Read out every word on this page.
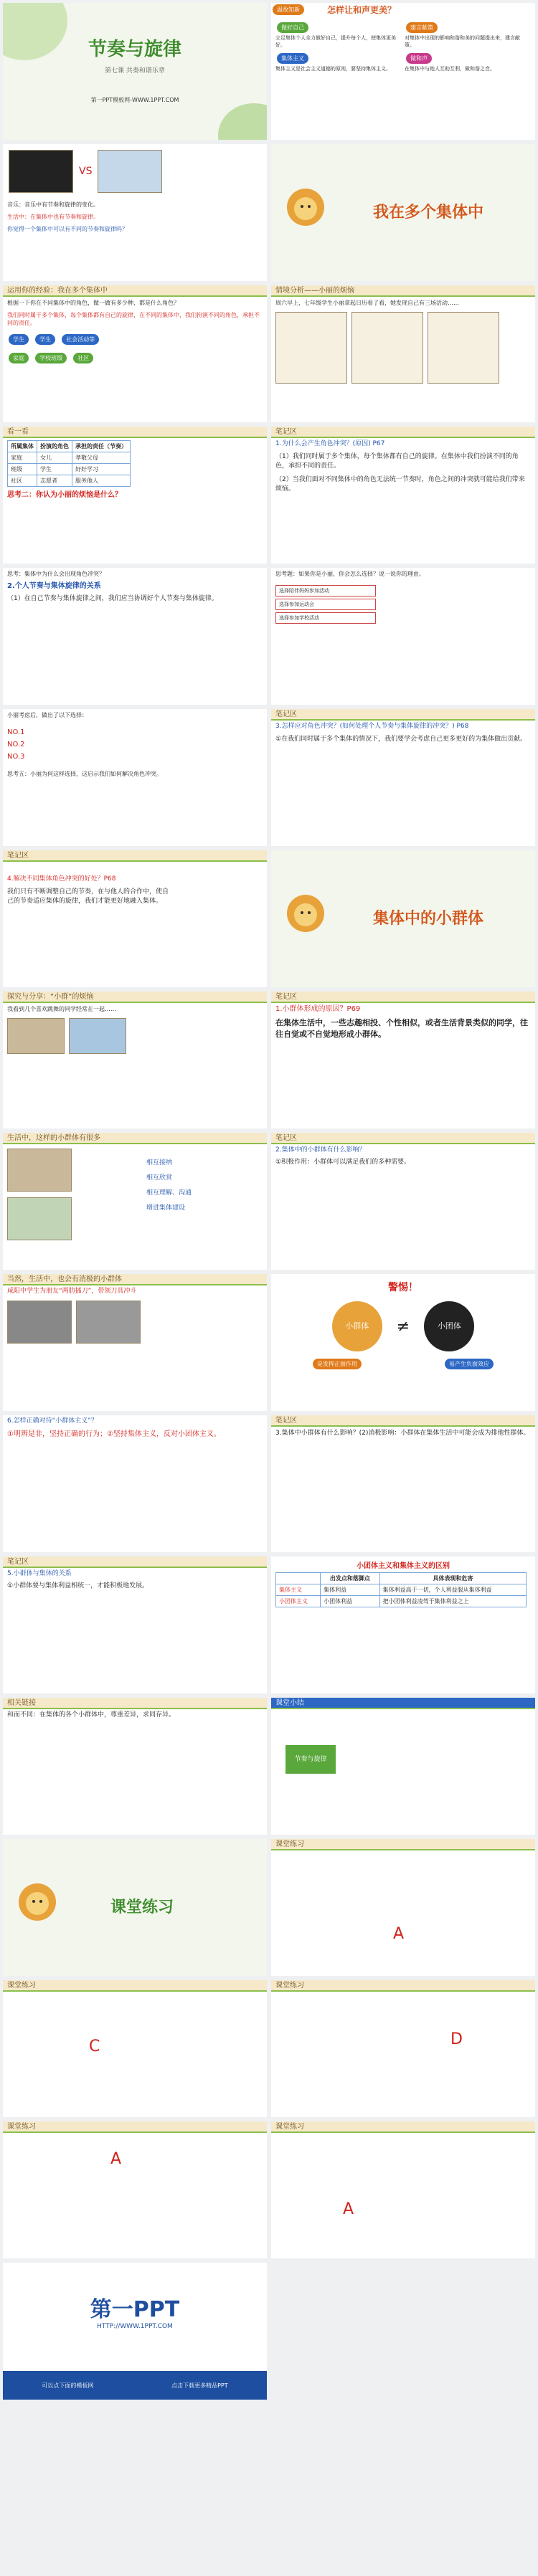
节奏与旋律
第七课 共奏和谐乐章
第一PPT模板网-WWW.1PPT.COM
温故知新	怎样让和声更美？
做好自己
立足集体个人全力做好自己，提升每个人，使集体更美好。
建言献策
对集体中出现的影响和谐和美的问题提出来，建言献策。
集体主义
集体主义是社会主义道德的原则，要坚持集体主义。
做和声
在集体中与他人互助互利，做和谐之音。
VS
音乐：音乐中有节奏和旋律的变化。
生活中：在集体中也有节奏和旋律。
你觉得一个集体中可以有不同的节奏和旋律吗？
我在多个集体中
运用你的经验：我在多个集体中
根据一下你在不同集体中的角色，做一做有多少种，都是什么角色？
我们同时属于多个集体，每个集体都有自己的旋律，在不同的集体中，我们扮演不同的角色，承担不同的责任。
学生	学生	社会活动等
家庭	学校班级	社区
情境分析——小丽的烦恼
周六早上，七年级学生小丽拿起日历看了看，她发现自己有三场活动……
看一看
所属集体	扮演的角色	承担的责任（节奏）
家庭	女儿	孝敬父母
班级	学生	好好学习
社区	志愿者	服务他人
思考二：你认为小丽的烦恼是什么？
笔记区
1.为什么会产生角色冲突？(原因) P67
（1）我们同时属于多个集体，每个集体都有自己的旋律。在集体中我们扮演不同的角色，承担不同的责任。
（2）当我们面对不同集体中的角色无法统一节奏时，角色之间的冲突就可能给我们带来烦恼。
思考：集体中为什么会出现角色冲突？
2.个人节奏与集体旋律的关系
（1）在自己节奏与集体旋律之间，我们应当协调好个人节奏与集体旋律。
思考题：如果你是小丽，你会怎么选择？说一说你的理由。
选择陪伴妈妈参加活动
选择参加运动会
选择参加学校活动
小丽考虑后，做出了以下选择：
NO.1
NO.2
NO.3
思考五：小丽为何这样选择，这启示我们如何解决角色冲突。
笔记区
3.怎样应对角色冲突？(如何处理个人节奏与集体旋律的冲突？) P68
①在我们同时属于多个集体的情况下，我们要学会考虑自己更多更好的为集体做出贡献。
笔记区
4.解决不同集体角色冲突的好处？P68
我们只有不断调整自己的节奏，在与他人的合作中，使自己的节奏适应集体的旋律，我们才能更好地融入集体。
集体中的小群体
探究与分享：“小群”的烦恼
我看到几个喜欢跳舞的同学经常在一起……
笔记区
1.小群体形成的原因？P69
在集体生活中，一些志趣相投、个性相似，或者生活背景类似的同学，往往自觉或不自觉地形成小群体。
生活中，这样的小群体有很多

相互接纳
相互欣赏
相互理解、沟通
增进集体建设
笔记区
2.集体中的小群体有什么影响？
①积极作用：小群体可以满足我们的多种需要。
当然，生活中，也会有消极的小群体
咸阳中学生为朋友“两肋插刀”，带领刀具冲斗	警惕！
小群体	≠	小团体
是发挥正面作用	易产生负面效应
6.怎样正确对待“小群体主义”？
①明辨是非，坚持正确的行为；②坚持集体主义，反对小团体主义。
笔记区
3.集体中小群体有什么影响？(2)消极影响：小群体在集体生活中可能会成为排他性群体。
笔记区
5.小群体与集体的关系
①小群体要与集体利益相统一，才能积极地发展。
小团体主义和集体主义的区别
	出发点和落脚点	具体表现和危害
集体主义	集体利益	集体利益高于一切，个人利益服从集体利益
小团体主义	小团体利益	把小团体利益凌驾于集体利益之上
相关链接
和而不同：在集体的各个小群体中，尊重差异，求同存异。
课堂小结
节奏与旋律
课堂练习
课堂练习
A
课堂练习
C
课堂练习
D
课堂练习
A
课堂练习
A
第一PPT
HTTP://WWW.1PPT.COM
可以点下面的模板网	点击下载更多精品PPT
